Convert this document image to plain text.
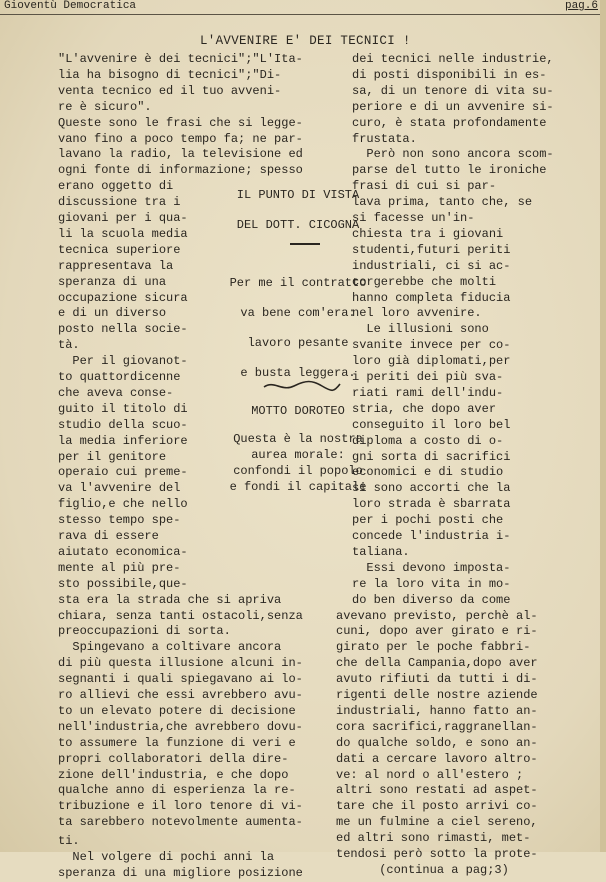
Gioventù Democratica	pag.6
L'AVVENIRE E' DEI TECNICI !
"L'avvenire è dei tecnici";"L'Ita-
lia ha bisogno di tecnici";"Di-
venta tecnico ed il tuo avveni-
re è sicuro".
Queste sono le frasi che si legge-
vano fino a poco tempo fa; ne par-
lavano la radio, la televisione ed
ogni fonte di informazione; spesso
erano oggetto di
discussione tra i
giovani per i qua-
li la scuola media
tecnica superiore
rappresentava la
speranza di una
occupazione sicura
e di un diverso
posto nella socie-
tà.
Per il giovanot-
to quattordicenne
che aveva conse-
guito il titolo di
studio della scuo-
la media inferiore
per il genitore
operaio cui preme-
va l'avvenire del
figlio,e che nello
stesso tempo spe-
rava di essere
aiutato economica-
mente al più pre-
sto possibile,que-
sta era la strada che si apriva
chiara, senza tanti ostacoli,senza
preoccupazioni di sorta.
Spingevano a coltivare ancora
di più questa illusione alcuni in-
segnanti i quali spiegavano ai lo-
ro allievi che essi avrebbero avu-
to un elevato potere di decisione
nell'industria,che avrebbero dovu-
to assumere la funzione di veri e
propri collaboratori della dire-
zione dell'industria, e che dopo
qualche anno di esperienza la re-
tribuzione e il loro tenore di vi-
ta sarebbero notevolmente aumenta-
ti.
Nel volgere di pochi anni la
speranza di una migliore posizione
dei tecnici nelle industrie,
di posti disponibili in es-
sa, di un tenore di vita su-
periore e di un avvenire si-
curo, è stata profondamente
frustata.
Però non sono ancora scom-
parse del tutto le ironiche
frasi di cui si par-
lava prima, tanto che, se
si facesse un'in-
chiesta tra i giovani
studenti,futuri periti
industriali, ci si ac-
corgerebbe che molti
hanno completa fiducia
nel loro avvenire.
Le illusioni sono
svanite invece per co-
loro già diplomati,per
i periti dei più sva-
riati rami dell'indu-
stria, che dopo aver
conseguito il loro bel
diploma a costo di o-
gni sorta di sacrifici
economici e di studio
si sono accorti che la
loro strada è sbarrata
per i pochi posti che
concede l'industria i-
taliana.
Essi devono imposta-
re la loro vita in mo-
do ben diverso da come
avevano previsto, perchè al-
cuni, dopo aver girato e ri-
girato per le poche fabbri-
che della Campania,dopo aver
avuto rifiuti da tutti i di-
rigenti delle nostre aziende
industriali, hanno fatto an-
cora sacrifici,raggranellan-
do qualche soldo, e sono an-
dati a cercare lavoro altro-
ve: al nord o all'estero ;
altri sono restati ad aspet-
tare che il posto arrivi co-
me un fulmine a ciel sereno,
ed altri sono rimasti, met-
tendosi però sotto la prote-
(continua a pag;3)
IL PUNTO DI VISTA
DEL DOTT. CICOGNA
Per me il contratto
va bene com'era:
lavoro pesante
e busta leggera.
MOTTO DOROTEO
Questa è la nostra
aurea morale:
confondi il popolo
e fondi il capitale
